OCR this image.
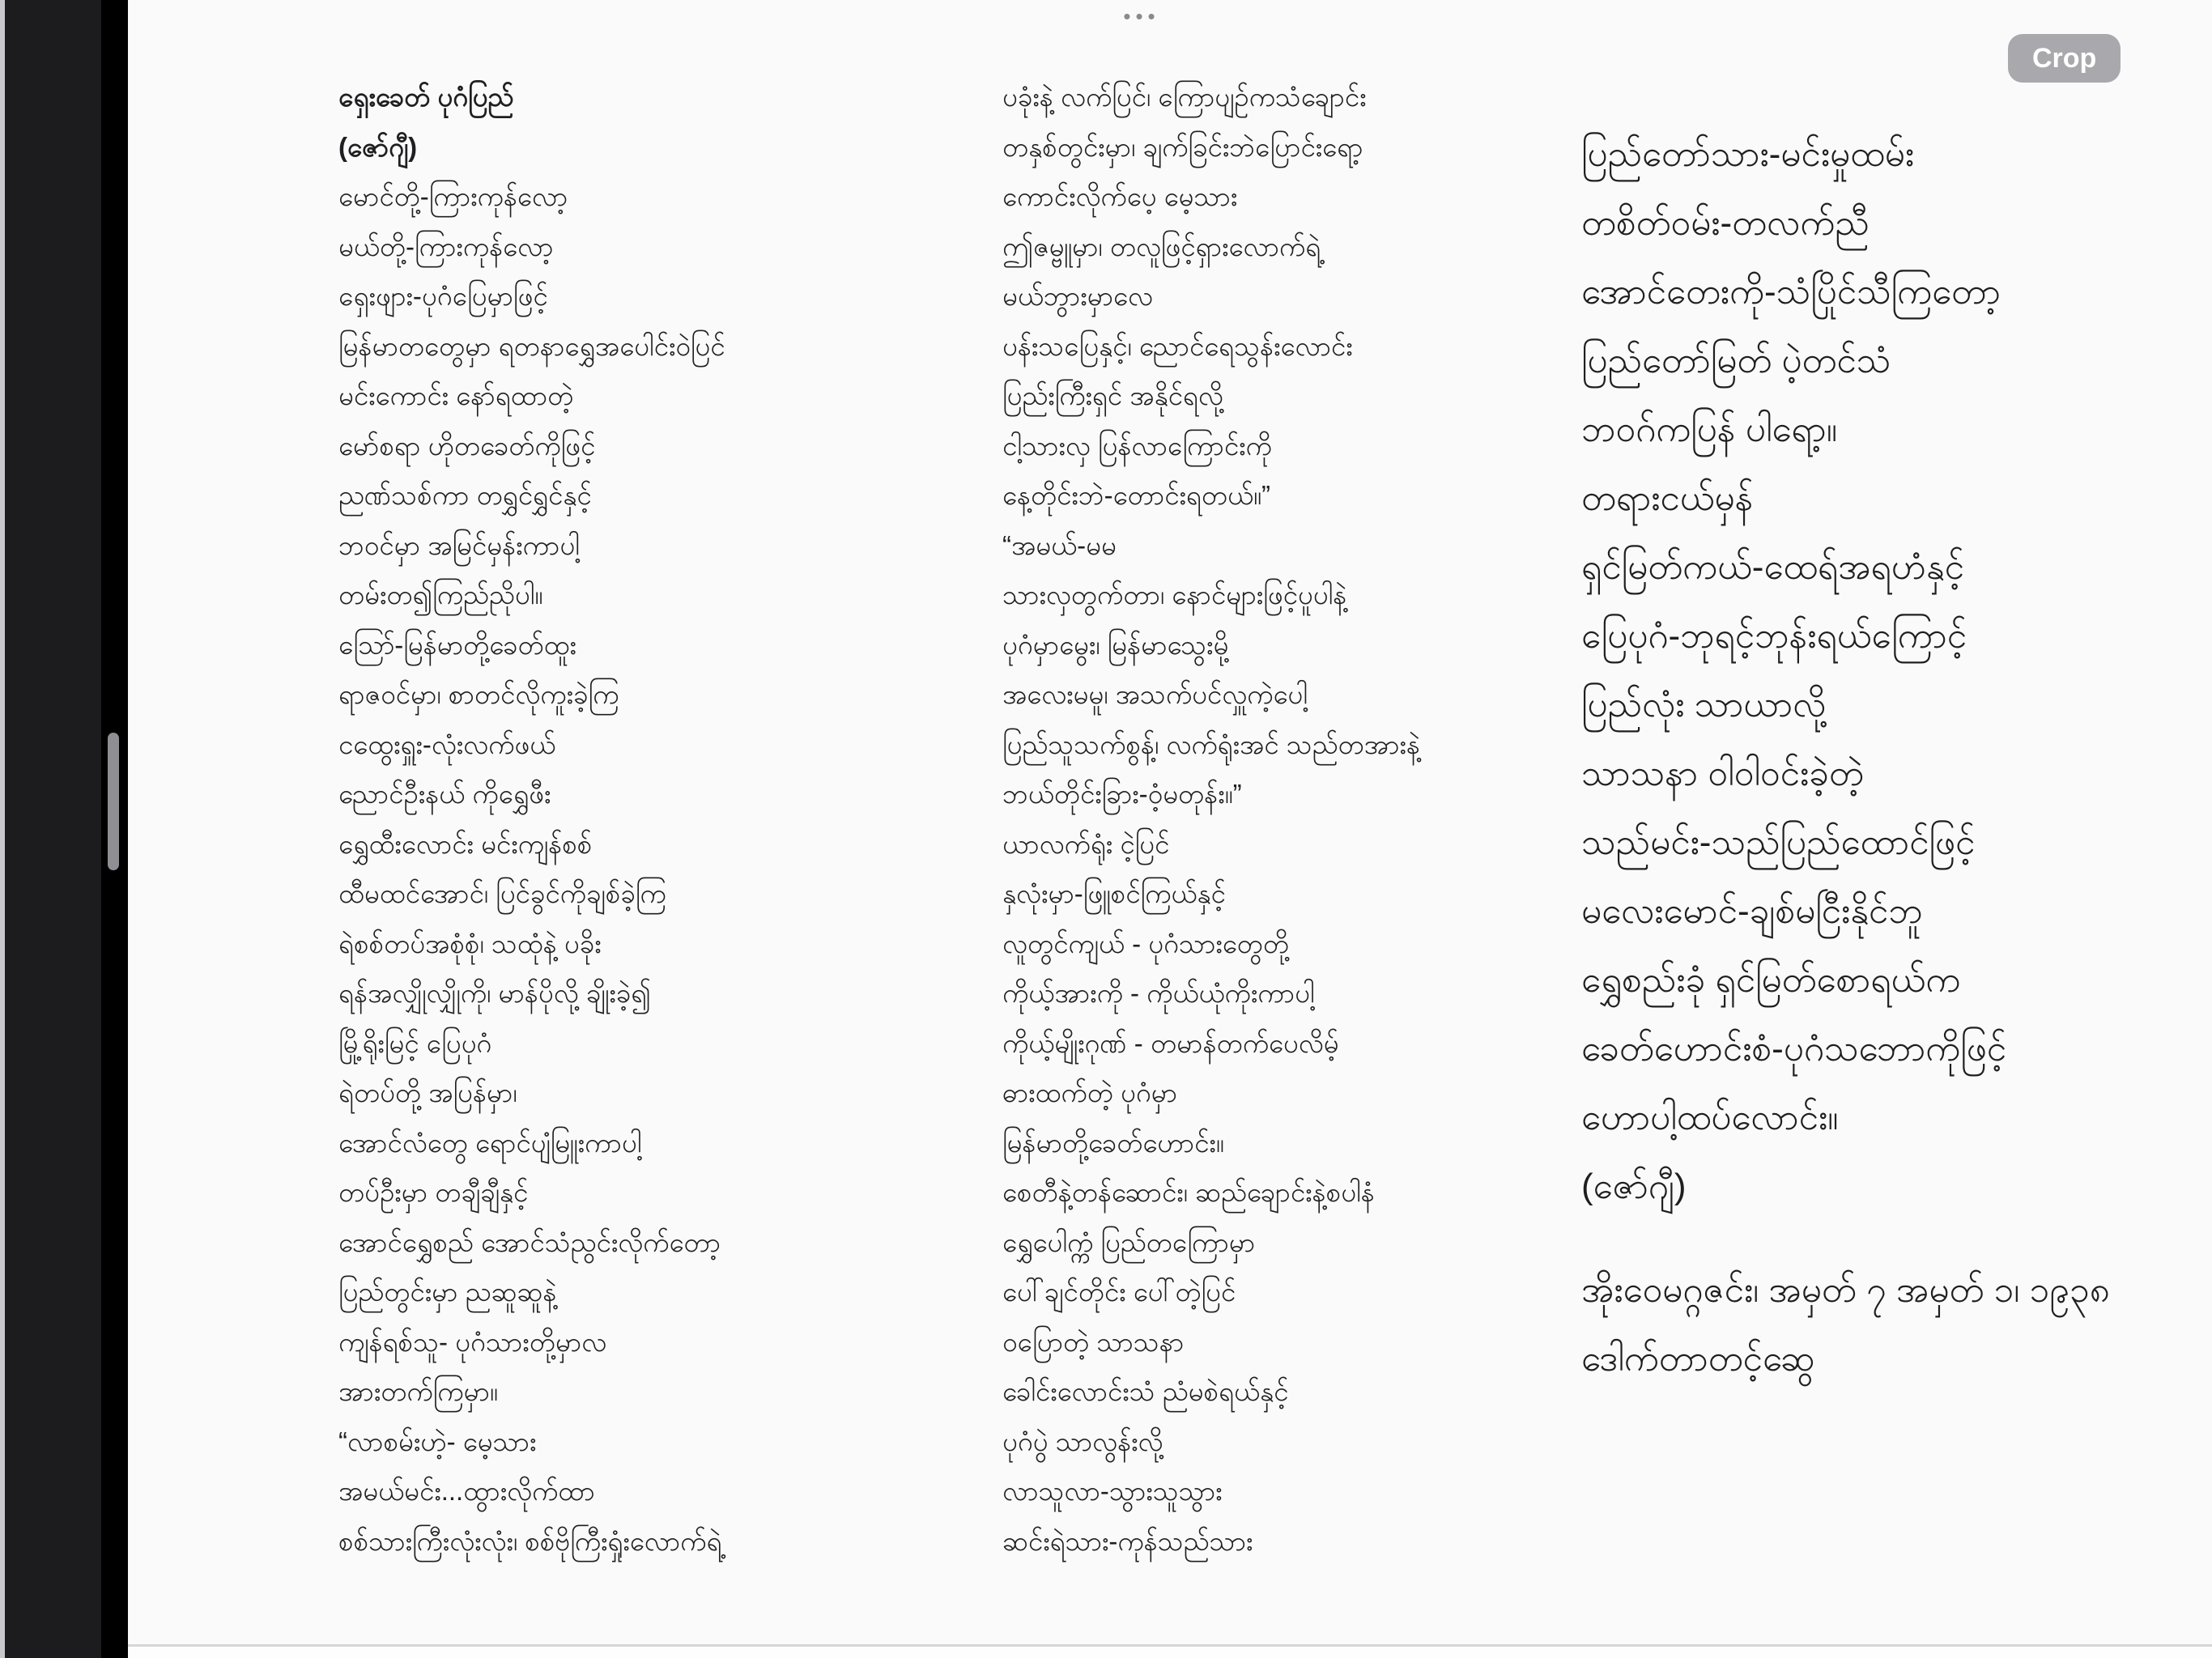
ရှေးခေတ် ပုဂံပြည်
(ဇော်ဂျီ)
မောင်တို့-ကြားကုန်လော့
မယ်တို့-ကြားကုန်လော့
ရှေးဖျား-ပုဂံပြေမှာဖြင့်
မြန်မာတတွေမှာ ရတနာရွှေအပေါင်းဝဲပြင်
မင်းကောင်း နော်ရထာတဲ့
မော်စရာ ဟိုတခေတ်ကိုဖြင့်
ညဏ်သစ်ကာ တရွှင်ရွှင်နှင့်
ဘဝင်မှာ အမြင်မှန်းကာပါ့
တမ်းတ၍ကြည်ညိုပါ။
ဪ-မြန်မာတို့ခေတ်ထူး
ရာဇဝင်မှာ၊ စာတင်လိုကူးခဲ့ကြ
ငထွေးရှူး-လုံးလက်ဖယ်
ညောင်ဦးနယ် ကိုရွှေဖီး
ရွှေထီးလောင်း မင်းကျန်စစ်
ထီမထင်အောင်၊ ပြင်ခွင်ကိုချစ်ခဲ့ကြ
ရဲစစ်တပ်အစုံစုံ၊ သထုံနဲ့ ပခိုး
ရန်အလျှိုလျှိုကို၊ မာန်ပိုလို့ ချိုးခဲ့၍
မြို့ရိုးမြင့် ပြေပုဂံ
ရဲတပ်တို့ အပြန်မှာ၊
အောင်လံတွေ ရောင်ပျံမြူးကာပါ့
တပ်ဦးမှာ တချီချီနှင့်
အောင်ရွှေစည် အောင်သံညွင်းလိုက်တော့
ပြည်တွင်းမှာ ညဆူဆူနဲ့
ကျန်ရစ်သူ- ပုဂံသားတို့မှာလ
အားတက်ကြမှာ။
“လာစမ်းဟဲ့- မေ့သား
အမယ်မင်း...ထွားလိုက်ထာ
စစ်သားကြီးလုံးလုံး၊ စစ်ဗိုကြီးရှုံးလောက်ရဲ့
ပခုံးနဲ့ လက်ပြင်၊ ကြောပျဉ်ကသံချောင်း
တနှစ်တွင်းမှာ၊ ချက်ခြင်းဘဲပြောင်းရော့
ကောင်းလိုက်ပေ့ မေ့သား
ဤဇမ္ဗူမှာ၊ တလူဖြင့်ရှားလောက်ရဲ့
မယ်ဘွားမှာလေ
ပန်းသပြေနှင့်၊ ညောင်ရေသွန်းလောင်း
ပြည်းကြီးရှင် အနိုင်ရလို့
ငါ့သားလှ ပြန်လာကြောင်းကို
နေ့တိုင်းဘဲ-တောင်းရတယ်။”
“အမယ်-မမ
သားလှတွက်တာ၊ နောင်များဖြင့်ပူပါနဲ့
ပုဂံမှာမွေး၊ မြန်မာသွေးမို့
အလေးမမူ၊ အသက်ပင်လှူကဲ့ပေါ့
ပြည်သူသက်စွန့်၊ လက်ရုံးအင် သည်တအားနဲ့
ဘယ်တိုင်းခြား-ဝံ့မတုန်း။”
ယာလက်ရုံး ငဲ့ပြင်
နှလုံးမှာ-ဖြူစင်ကြယ်နှင့်
လူတွင်ကျယ် - ပုဂံသားတွေတို့
ကိုယ့်အားကို - ကိုယ်ယုံကိုးကာပါ့
ကိုယ့်မျိုးဂုဏ် - တမာန်တက်ပေလိမ့်
ဓားထက်တဲ့ ပုဂံမှာ
မြန်မာတို့ခေတ်ဟောင်း။
စေတီနဲ့တန်ဆောင်း၊ ဆည်ချောင်းနဲ့စပါနံ
ရွှေပေါက္ကံ ပြည်တကြောမှာ
ပေါ်ချင်တိုင်း ပေါ်တဲ့ပြင်
ဝပြောတဲ့ သာသနာ
ခေါင်းလောင်းသံ ညံမစဲရယ်နှင့်
ပုဂံပွဲ သာလွန်းလို့
လာသူလာ-သွားသူသွား
ဆင်းရဲသား-ကုန်သည်သား
ပြည်တော်သား-မင်းမှုထမ်း
တစိတ်ဝမ်း-တလက်ညီ
အောင်တေးကို-သံပြိုင်သီကြတော့
ပြည်တော်မြတ် ပဲ့တင်သံ
ဘဝဂ်ကပြန် ပါရော့။
တရားငယ်မှန်
ရှင်မြတ်ကယ်-ထေရ်အရဟံနှင့်
ပြေပုဂံ-ဘုရင့်ဘုန်းရယ်ကြောင့်
ပြည်လုံး သာယာလို့
သာသနာ ဝါဝါဝင်းခဲ့တဲ့
သည်မင်း-သည်ပြည်ထောင်ဖြင့်
မလေးမောင်-ချစ်မငြီးနိုင်ဘူ
ရွှေစည်းခုံ ရှင်မြတ်စောရယ်က
ခေတ်ဟောင်းစံ-ပုဂံသဘောကိုဖြင့်
ဟောပါ့ထပ်လောင်း။
(ဇော်ဂျီ)
အိုးဝေမဂ္ဂဇင်း၊ အမှတ် ၇ အမှတ် ၁၊ ၁၉၃၈
ဒေါက်တာတင့်ဆွေ
•••
Crop
